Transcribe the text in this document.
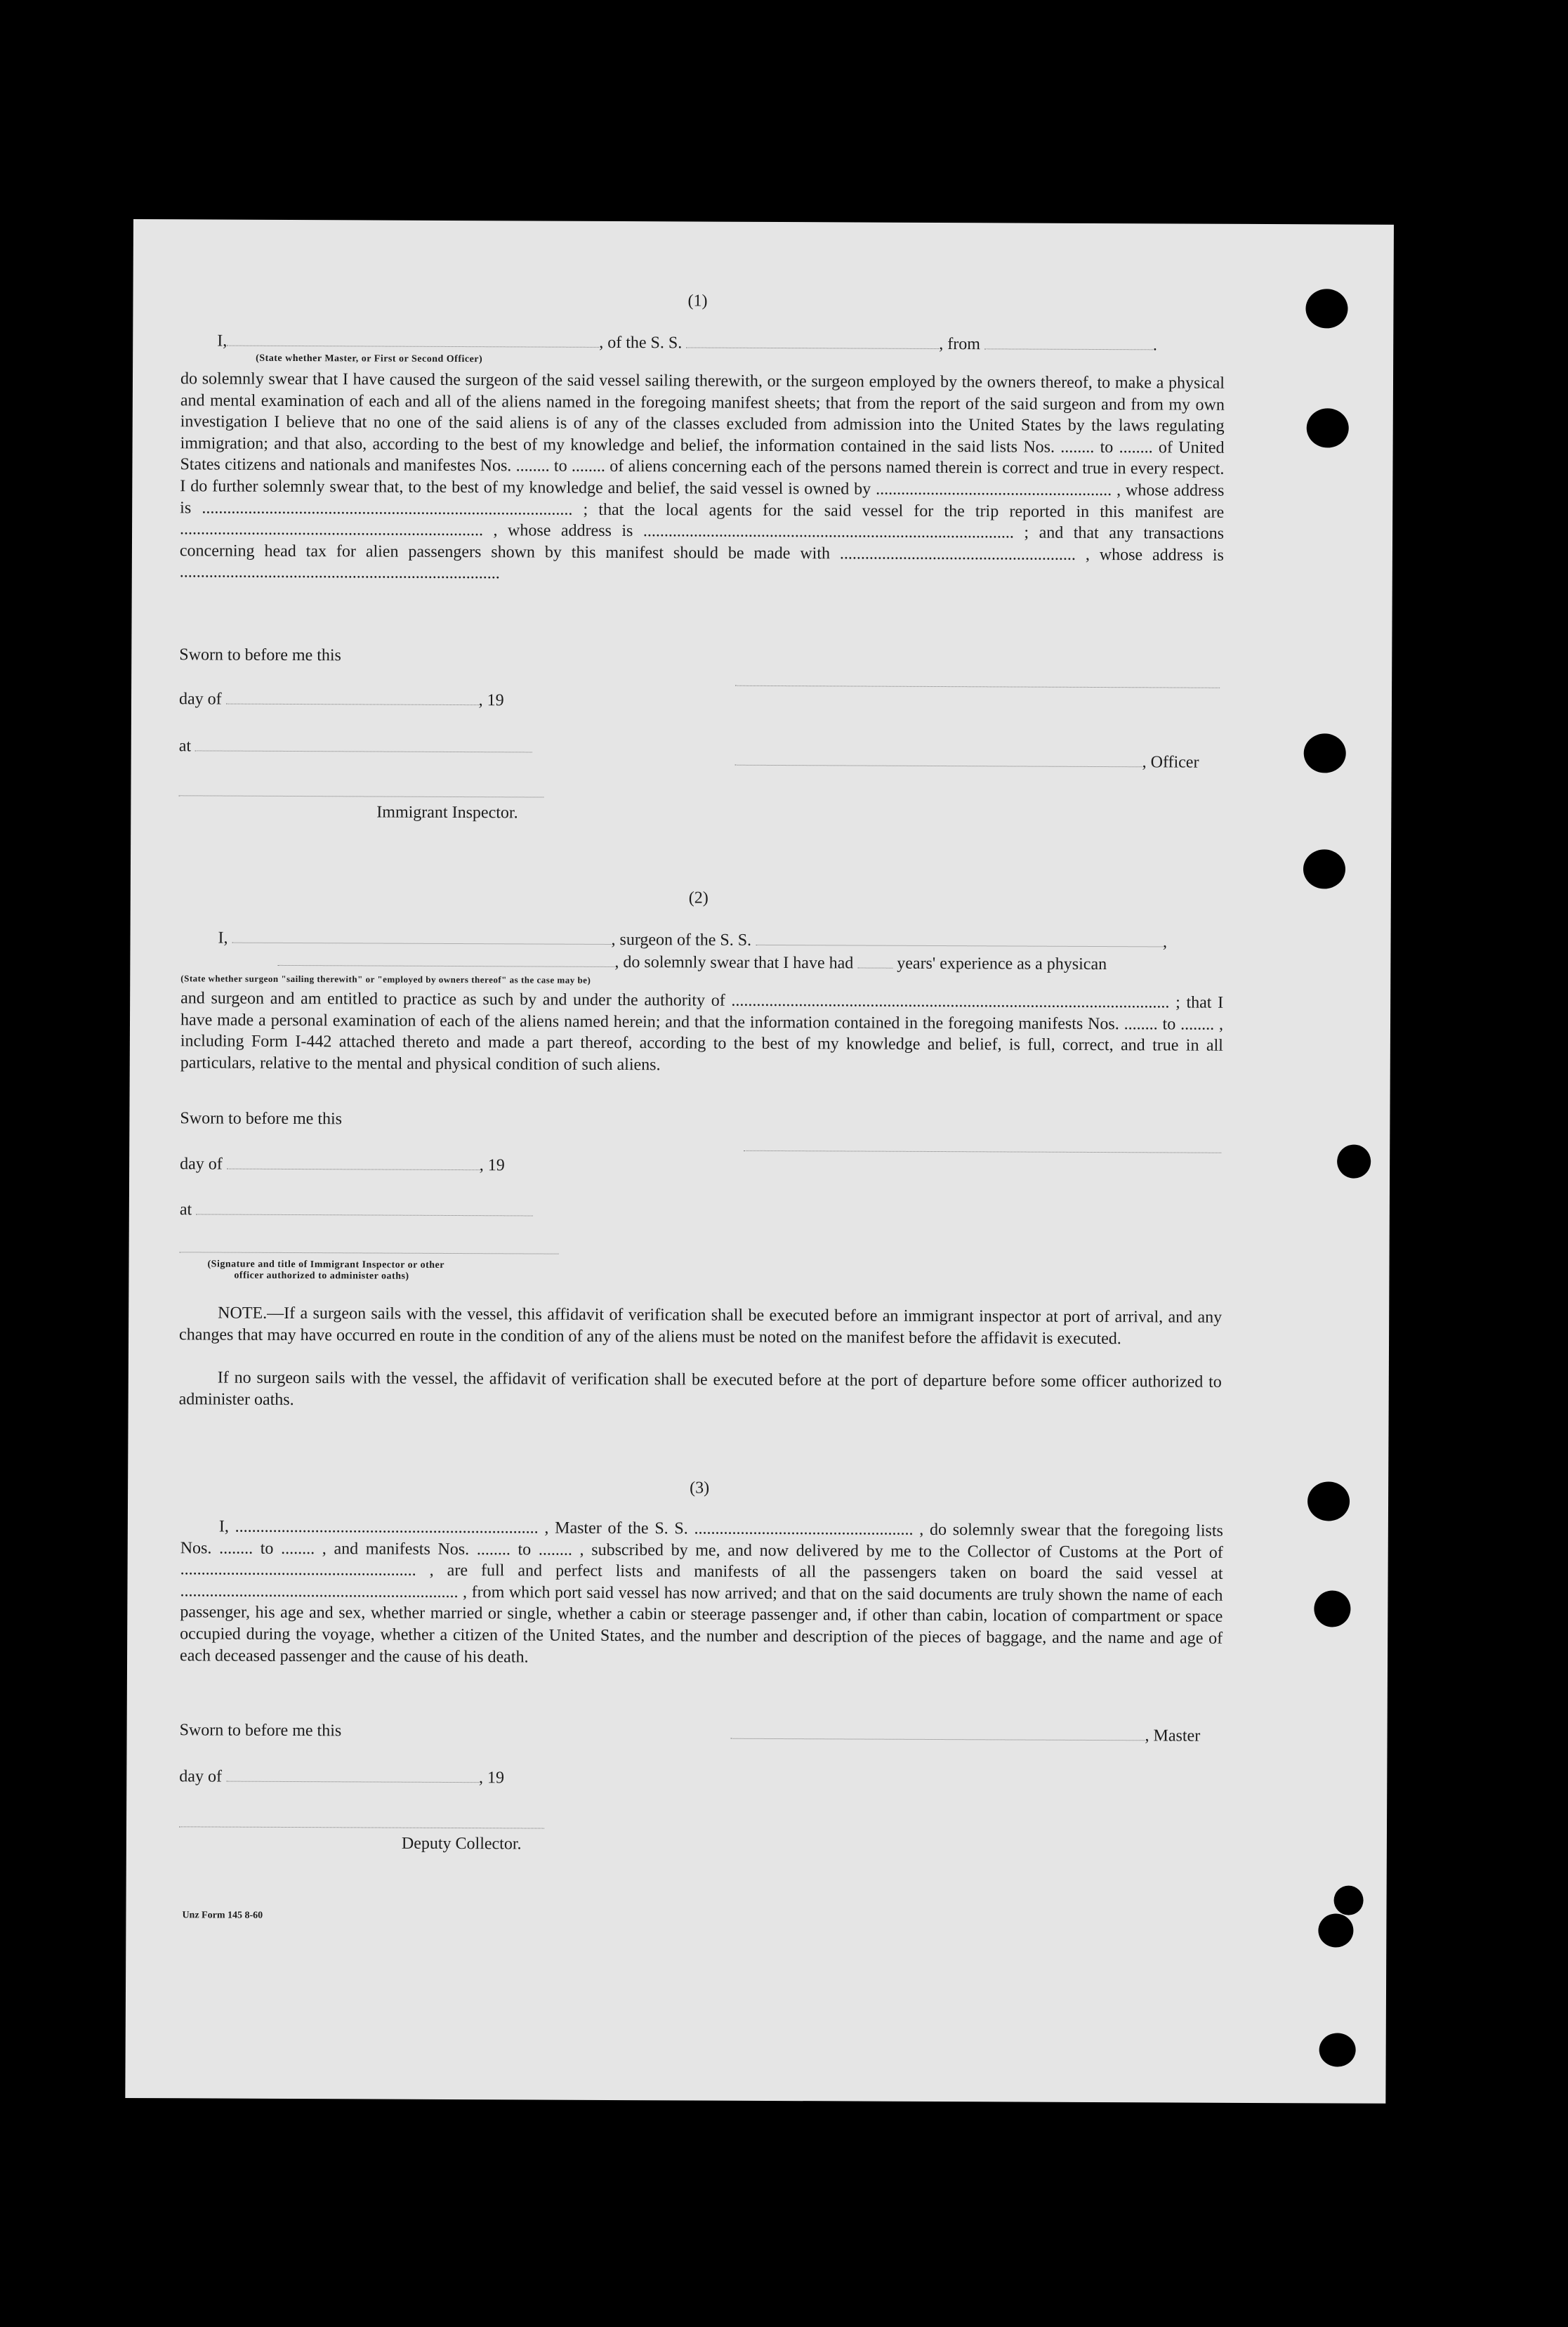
(1)
I,	, of the S. S.	, from	.
(State whether Master, or First or Second Officer)
do solemnly swear that I have caused the surgeon of the said vessel sailing therewith, or the surgeon employed by the owners thereof, to make a physical and mental examination of each and all of the aliens named in the foregoing manifest sheets; that from the report of the said surgeon and from my own investigation I believe that no one of the said aliens is of any of the classes excluded from admission into the United States by the laws regulating immigration; and that also, according to the best of my knowledge and belief, the information contained in the said lists Nos. ........ to ........ of United States citizens and nationals and manifestes Nos. ........ to ........ of aliens concerning each of the persons named therein is correct and true in every respect. I do further solemnly swear that, to the best of my knowledge and belief, the said vessel is owned by ........................................................ , whose address is ........................................................................................ ; that the local agents for the said vessel for the trip reported in this manifest are ........................................................................ , whose address is ........................................................................................ ; and that any transactions concerning head tax for alien passengers shown by this manifest should be made with ........................................................ , whose address is ............................................................................
Sworn to before me this
day of	, 19
at
, Officer
Immigrant Inspector.
(2)
I,	, surgeon of the S. S.	,
, do solemnly swear that I have had	years' experience as a physican
(State whether surgeon "sailing therewith" or "employed by owners thereof" as the case may be)
and surgeon and am entitled to practice as such by and under the authority of ........................................................................................................ ; that I have made a personal examination of each of the aliens named herein; and that the information contained in the foregoing manifests Nos. ........ to ........ , including Form I-442 attached thereto and made a part thereof, according to the best of my knowledge and belief, is full, correct, and true in all particulars, relative to the mental and physical condition of such aliens.
Sworn to before me this
day of	, 19
at
(Signature and title of Immigrant Inspector or other
officer authorized to administer oaths)
NOTE.—If a surgeon sails with the vessel, this affidavit of verification shall be executed before an immigrant inspector at port of arrival, and any changes that may have occurred en route in the condition of any of the aliens must be noted on the manifest before the affidavit is executed.
If no surgeon sails with the vessel, the affidavit of verification shall be executed before at the port of departure before some officer authorized to administer oaths.
(3)
I, ........................................................................ , Master of the S. S. .................................................... , do solemnly swear that the foregoing lists Nos. ........ to ........ , and manifests Nos. ........ to ........ , subscribed by me, and now delivered by me to the Collector of Customs at the Port of ........................................................ , are full and perfect lists and manifests of all the passengers taken on board the said vessel at .................................................................. , from which port said vessel has now arrived; and that on the said documents are truly shown the name of each passenger, his age and sex, whether married or single, whether a cabin or steerage passenger and, if other than cabin, location of compartment or space occupied during the voyage, whether a citizen of the United States, and the number and description of the pieces of baggage, and the name and age of each deceased passenger and the cause of his death.
Sworn to before me this	, Master
day of	, 19
Deputy Collector.
Unz Form 145 8-60
